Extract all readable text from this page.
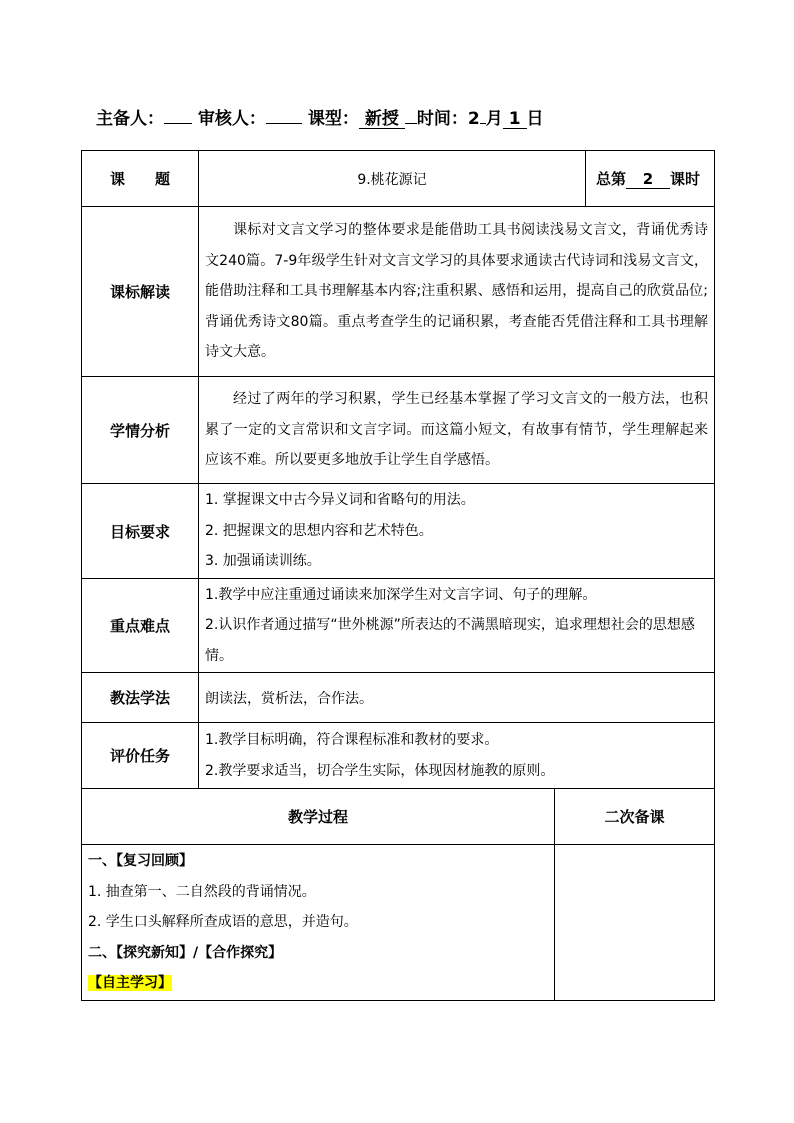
主备人： 审核人： 课型： 新授 时间：2 月 1 日
课　　题	9.桃花源记		总第 2 课时
课标解读	课标对文言文学习的整体要求是能借助工具书阅读浅易文言文，背诵优秀诗文240篇。7-9年级学生针对文言文学习的具体要求通读古代诗词和浅易文言文，能借助注释和工具书理解基本内容;注重积累、感悟和运用，提高自己的欣赏品位;背诵优秀诗文80篇。重点考查学生的记诵积累，考查能否凭借注释和工具书理解诗文大意。		

学情分析	经过了两年的学习积累，学生已经基本掌握了学习文言文的一般方法，也积累了一定的文言常识和文言字词。而这篇小短文，有故事有情节，学生理解起来应该不难。所以要更多地放手让学生自学感悟。		

目标要求	1. 掌握课文中古今异义词和省略句的用法。
2. 把握课文的思想内容和艺术特色。
3. 加强诵读训练。		

重点难点	1.教学中应注重通过诵读来加深学生对文言字词、句子的理解。
2.认识作者通过描写“世外桃源”所表达的不满黑暗现实，追求理想社会的思想感情。		

教法学法	朗读法，赏析法，合作法。		
评价任务	1.教学目标明确，符合课程标准和教材的要求。
2.教学要求适当，切合学生实际，体现因材施教的原则。		

教学过程		二次备课	

一、【复习回顾】
1. 抽查第一、二自然段的背诵情况。
2. 学生口头解释所查成语的意思，并造句。
二、【探究新知】/【合作探究】
【自主学习】			
